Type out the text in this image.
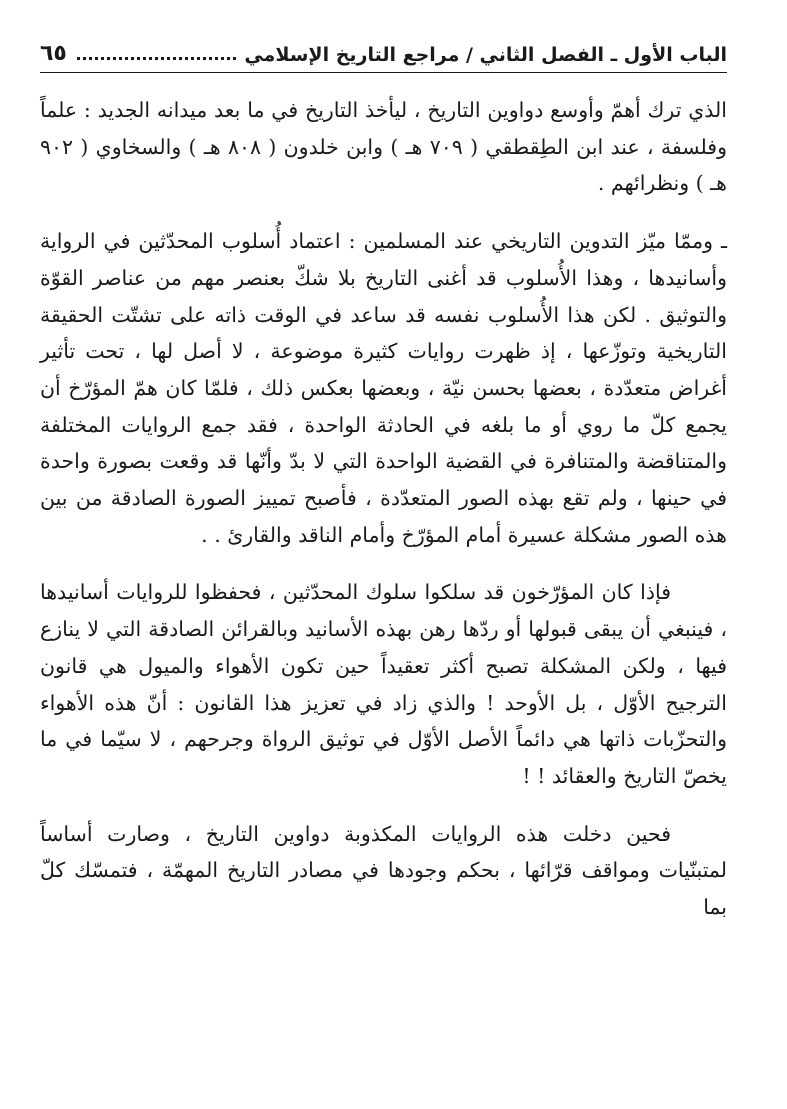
الباب الأول ـ الفصل الثاني / مراجع التاريخ الإسلامي
٦٥

الذي ترك أهمّ وأوسع دواوين التاريخ ، ليأخذ التاريخ في ما بعد ميدانه الجديد : علماً وفلسفة ، عند ابن الطِقطقي ( ٧٠٩ هـ ) وابن خلدون ( ٨٠٨ هـ ) والسخاوي ( ٩٠٢ هـ ) ونظرائهم .

ـ وممّا ميّز التدوين التاريخي عند المسلمين : اعتماد أُسلوب المحدّثين في الرواية وأسانيدها ، وهذا الأُسلوب قد أغنى التاريخ بلا شكّ بعنصر مهم من عناصر القوّة والتوثيق . لكن هذا الأُسلوب نفسه قد ساعد في الوقت ذاته على تشتّت الحقيقة التاريخية وتوزّعها ، إذ ظهرت روايات كثيرة موضوعة ، لا أصل لها ، تحت تأثير أغراض متعدّدة ، بعضها بحسن نيّة ، وبعضها بعكس ذلك ، فلمّا كان همّ المؤرّخ أن يجمع كلّ ما روي أو ما بلغه في الحادثة الواحدة ، فقد جمع الروايات المختلفة والمتناقضة والمتنافرة في القضية الواحدة التي لا بدّ وأنّها قد وقعت بصورة واحدة في حينها ، ولم تقع بهذه الصور المتعدّدة ، فأصبح تمييز الصورة الصادقة من بين هذه الصور مشكلة عسيرة أمام المؤرّخ وأمام الناقد والقارئ . .

فإذا كان المؤرّخون قد سلكوا سلوك المحدّثين ، فحفظوا للروايات أسانيدها ، فينبغي أن يبقى قبولها أو ردّها رهن بهذه الأسانيد وبالقرائن الصادقة التي لا ينازع فيها ، ولكن المشكلة تصبح أكثر تعقيداً حين تكون الأهواء والميول هي قانون الترجيح الأوّل ، بل الأوحد ! والذي زاد في تعزيز هذا القانون : أنّ هذه الأهواء والتحزّبات ذاتها هي دائماً الأصل الأوّل في توثيق الرواة وجرحهم ، لا سيّما في ما يخصّ التاريخ والعقائد ! !

فحين دخلت هذه الروايات المكذوبة دواوين التاريخ ، وصارت أساساً لمتبنّيات ومواقف قرّائها ، بحكم وجودها في مصادر التاريخ المهمّة ، فتمسّك كلّ بما
